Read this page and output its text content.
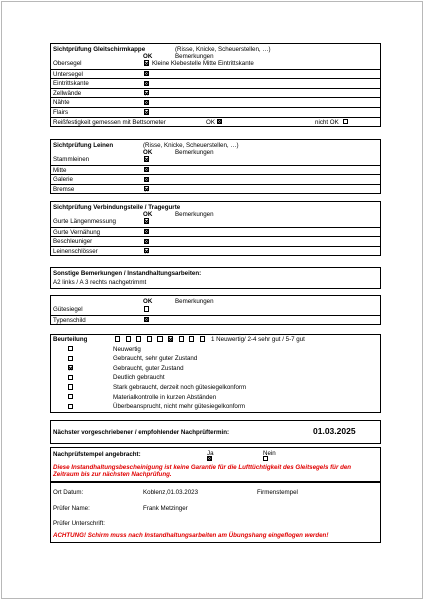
Sichtprüfung Gleitschirmkappe	(Risse, Knicke, Scheuerstellen, …)
OK	Bemerkungen
Obersegel	Kleine Klebestelle Mitte Eintrittskante
Untersegel
Eintrittskante
Zellwände
Nähte
Flairs
Reißfestigkeit gemessen mit Bettsometer	OK	nicht OK
Sichtprüfung Leinen	(Risse, Knicke, Scheuerstellen, …)
OK	Bemerkungen
Stammleinen
Mitte
Galerie
Bremse
Sichtprüfung Verbindungsteile / Tragegurte
OK	Bemerkungen
Gurte Längenmessung
Gurte Vernähung
Beschleuniger
Leinenschlösser
Sonstige Bemerkungen / Instandhaltungsarbeiten:
A2 links / A 3 rechts nachgetrimmt
OK	Bemerkungen
Gütesiegel
Typenschild
Beurteilung	1 Neuwertig/ 2-4 sehr gut / 5-7 gut
Neuwertig
Gebraucht, sehr guter Zustand
Gebraucht, guter Zustand
Deutlich gebraucht
Stark gebraucht, derzeit noch gütesiegelkonform
Materialkontrolle in kurzen Abständen
Überbeansprucht, nicht mehr gütesiegelkonform
Nächster vorgeschriebener / empfohlender Nachprüftermin:	01.03.2025
Nachprüfstempel angebracht:	Ja	Nein
Diese Instandhaltungsbescheinigung ist keine Garantie für die Lufttüchtigkeit des Gleitsegels für den Zeitraum bis zur nächsten Nachprüfung.
Ort Datum:	Koblenz,01.03.2023	Firmenstempel
Prüfer Name:	Frank Metzinger
Prüfer Unterschrift:
ACHTUNG! Schirm muss nach Instandhaltungsarbeiten am Übungshang eingeflogen werden!
